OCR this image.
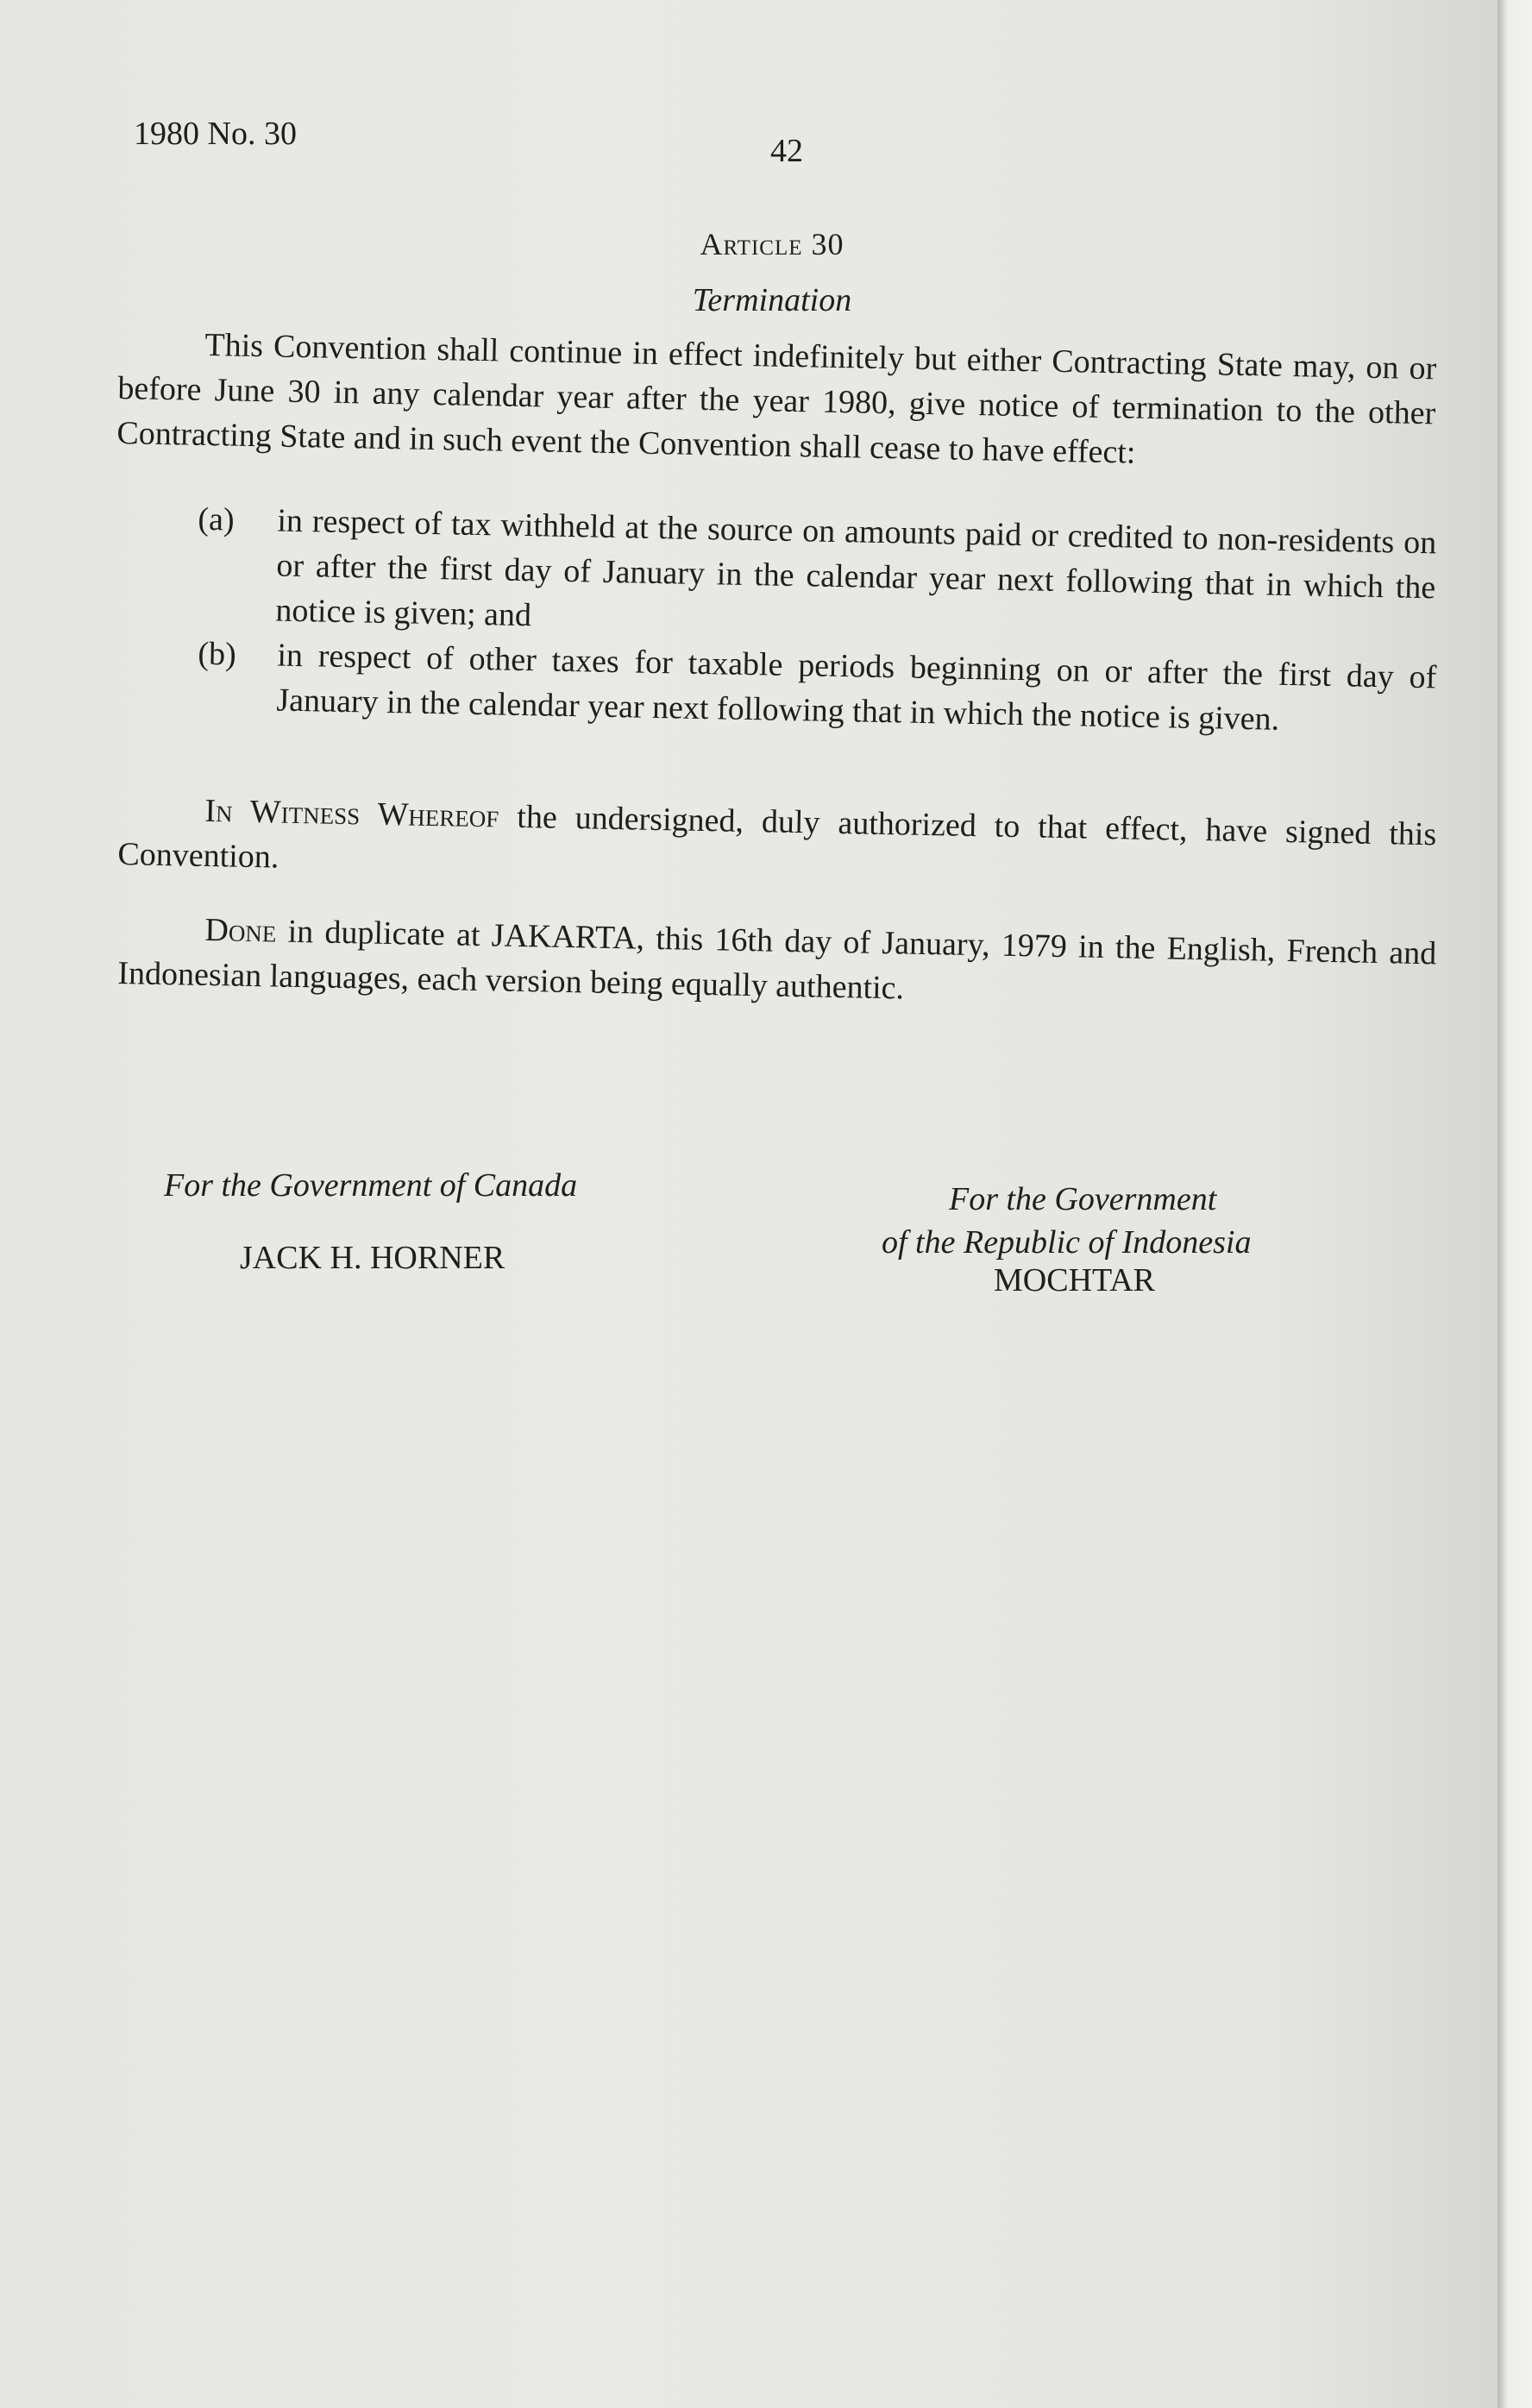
1980 No. 30	42
Article 30
Termination

This Convention shall continue in effect indefinitely but either Contracting State may, on or before June 30 in any calendar year after the year 1980, give notice of termination to the other Contracting State and in such event the Convention shall cease to have effect:

(a)	in respect of tax withheld at the source on amounts paid or credited to non-residents on or after the first day of January in the calendar year next following that in which the notice is given; and
(b)	in respect of other taxes for taxable periods beginning on or after the first day of January in the calendar year next following that in which the notice is given.

In Witness Whereof the undersigned, duly authorized to that effect, have signed this Convention.

Done in duplicate at JAKARTA, this 16th day of January, 1979 in the English, French and Indonesian languages, each version being equally authentic.

For the Government of Canada
JACK H. HORNER
For the Government
of the Republic of Indonesia
MOCHTAR
